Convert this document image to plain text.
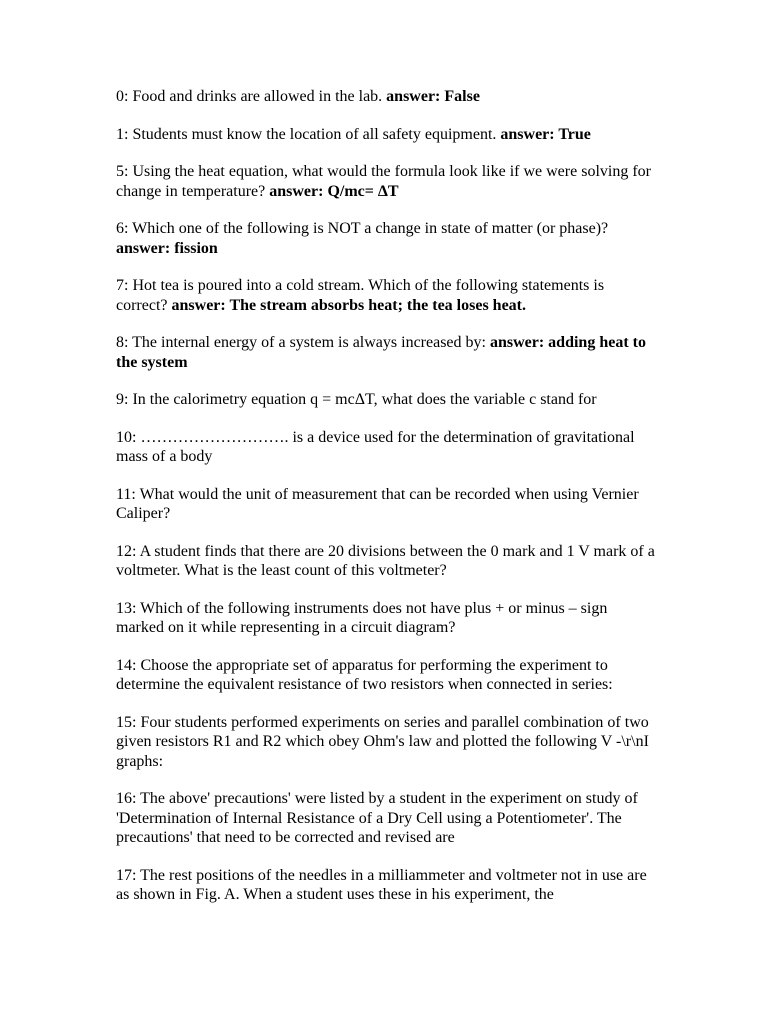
0: Food and drinks are allowed in the lab. answer: False

1: Students must know the location of all safety equipment. answer: True

5: Using the heat equation, what would the formula look like if we were solving for change in temperature? answer: Q/mc= ΔT

6: Which one of the following is NOT a change in state of matter (or phase)? answer: fission

7: Hot tea is poured into a cold stream. Which of the following statements is correct? answer: The stream absorbs heat; the tea loses heat.

8: The internal energy of a system is always increased by: answer: adding heat to the system

9: In the calorimetry equation q = mcΔT, what does the variable c stand for

10: ………………………. is a device used for the determination of gravitational mass of a body

11: What would the unit of measurement that can be recorded when using Vernier Caliper?

12: A student finds that there are 20 divisions between the 0 mark and 1 V mark of a voltmeter. What is the least count of this voltmeter?

13: Which of the following instruments does not have plus + or minus – sign marked on it while representing in a circuit diagram?

14: Choose the appropriate set of apparatus for performing the experiment to determine the equivalent resistance of two resistors when connected in series:

15: Four students performed experiments on series and parallel combination of two given resistors R1 and R2 which obey Ohm's law and plotted the following V -\r\nI graphs:

16: The above' precautions' were listed by a student in the experiment on study of 'Determination of Internal Resistance of a Dry Cell using a Potentiometer'. The precautions' that need to be corrected and revised are

17: The rest positions of the needles in a milliammeter and voltmeter not in use are as shown in Fig. A. When a student uses these in his experiment, the
